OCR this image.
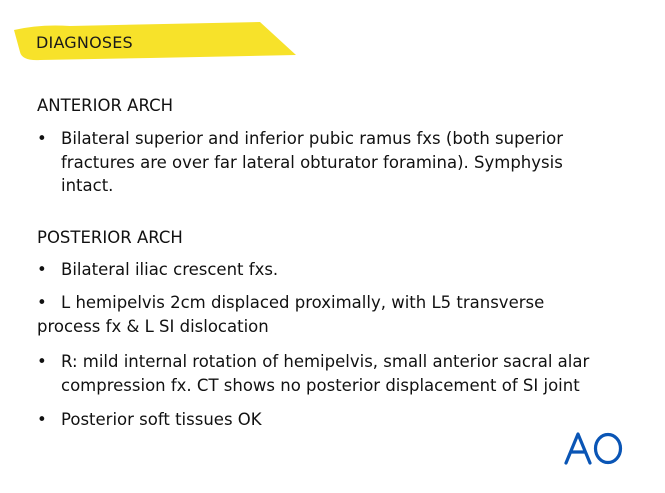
DIAGNOSES
ANTERIOR ARCH
• Bilateral superior and inferior pubic ramus fxs (both superior fractures are over far lateral obturator foramina). Symphysis intact.
POSTERIOR ARCH
• Bilateral iliac crescent fxs.
• L hemipelvis 2cm displaced proximally, with L5 transverse process fx & L SI dislocation
• R: mild internal rotation of hemipelvis, small anterior sacral alar compression fx. CT shows no posterior displacement of SI joint
• Posterior soft tissues OK
